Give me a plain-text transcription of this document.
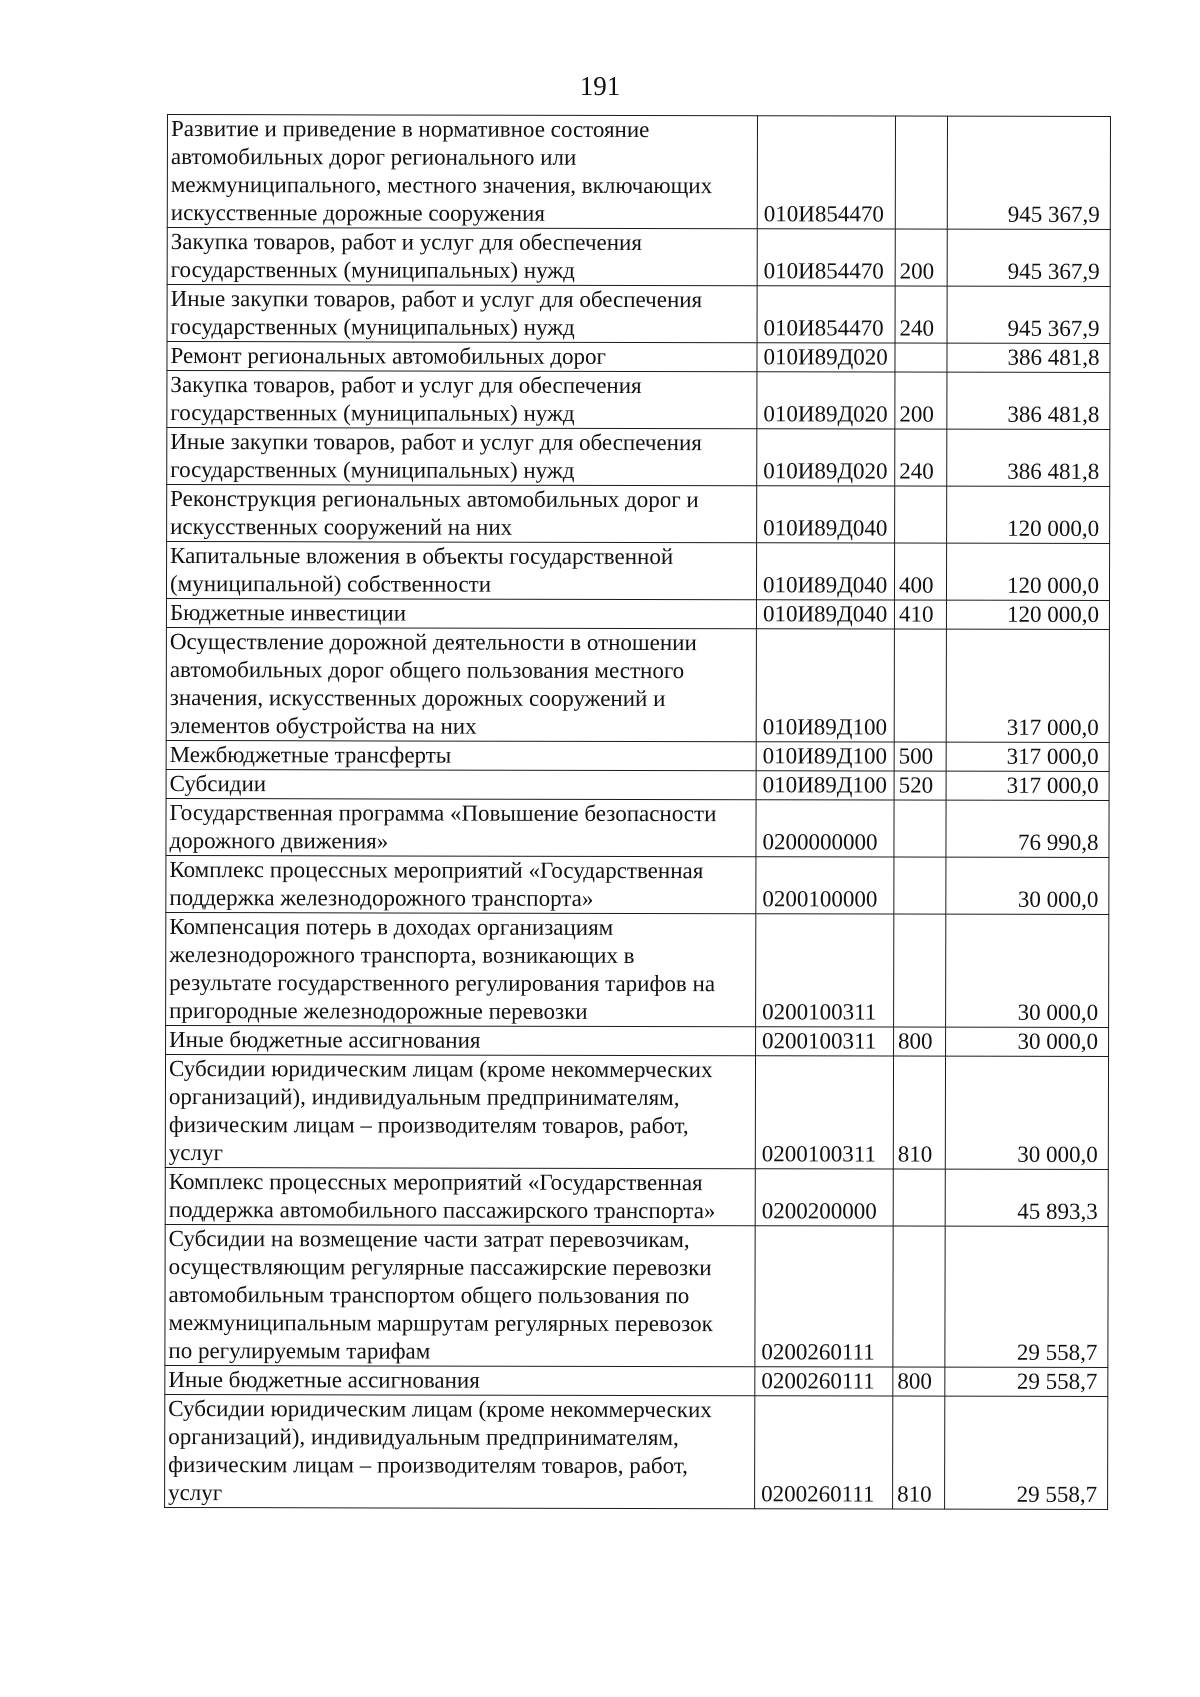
191
Развитие и приведение в нормативное состояние
автомобильных дорог регионального или
межмуниципального, местного значения, включающих
искусственные дорожные сооружения	010И854470		945 367,9
Закупка товаров, работ и услуг для обеспечения
государственных (муниципальных) нужд	010И854470	200	945 367,9
Иные закупки товаров, работ и услуг для обеспечения
государственных (муниципальных) нужд	010И854470	240	945 367,9
Ремонт региональных автомобильных дорог	010И89Д020		386 481,8
Закупка товаров, работ и услуг для обеспечения
государственных (муниципальных) нужд	010И89Д020	200	386 481,8
Иные закупки товаров, работ и услуг для обеспечения
государственных (муниципальных) нужд	010И89Д020	240	386 481,8
Реконструкция региональных автомобильных дорог и
искусственных сооружений на них	010И89Д040		120 000,0
Капитальные вложения в объекты государственной
(муниципальной) собственности	010И89Д040	400	120 000,0
Бюджетные инвестиции	010И89Д040	410	120 000,0
Осуществление дорожной деятельности в отношении
автомобильных дорог общего пользования местного
значения, искусственных дорожных сооружений и
элементов обустройства на них	010И89Д100		317 000,0
Межбюджетные трансферты	010И89Д100	500	317 000,0
Субсидии	010И89Д100	520	317 000,0
Государственная программа «Повышение безопасности
дорожного движения»	0200000000		76 990,8
Комплекс процессных мероприятий «Государственная
поддержка железнодорожного транспорта»	0200100000		30 000,0
Компенсация потерь в доходах организациям
железнодорожного транспорта, возникающих в
результате государственного регулирования тарифов на
пригородные железнодорожные перевозки	0200100311		30 000,0
Иные бюджетные ассигнования	0200100311	800	30 000,0
Субсидии юридическим лицам (кроме некоммерческих
организаций), индивидуальным предпринимателям,
физическим лицам – производителям товаров, работ,
услуг	0200100311	810	30 000,0
Комплекс процессных мероприятий «Государственная
поддержка автомобильного пассажирского транспорта»	0200200000		45 893,3
Субсидии на возмещение части затрат перевозчикам,
осуществляющим регулярные пассажирские перевозки
автомобильным транспортом общего пользования по
межмуниципальным маршрутам регулярных перевозок
по регулируемым тарифам	0200260111		29 558,7
Иные бюджетные ассигнования	0200260111	800	29 558,7
Субсидии юридическим лицам (кроме некоммерческих
организаций), индивидуальным предпринимателям,
физическим лицам – производителям товаров, работ,
услуг	0200260111	810	29 558,7
